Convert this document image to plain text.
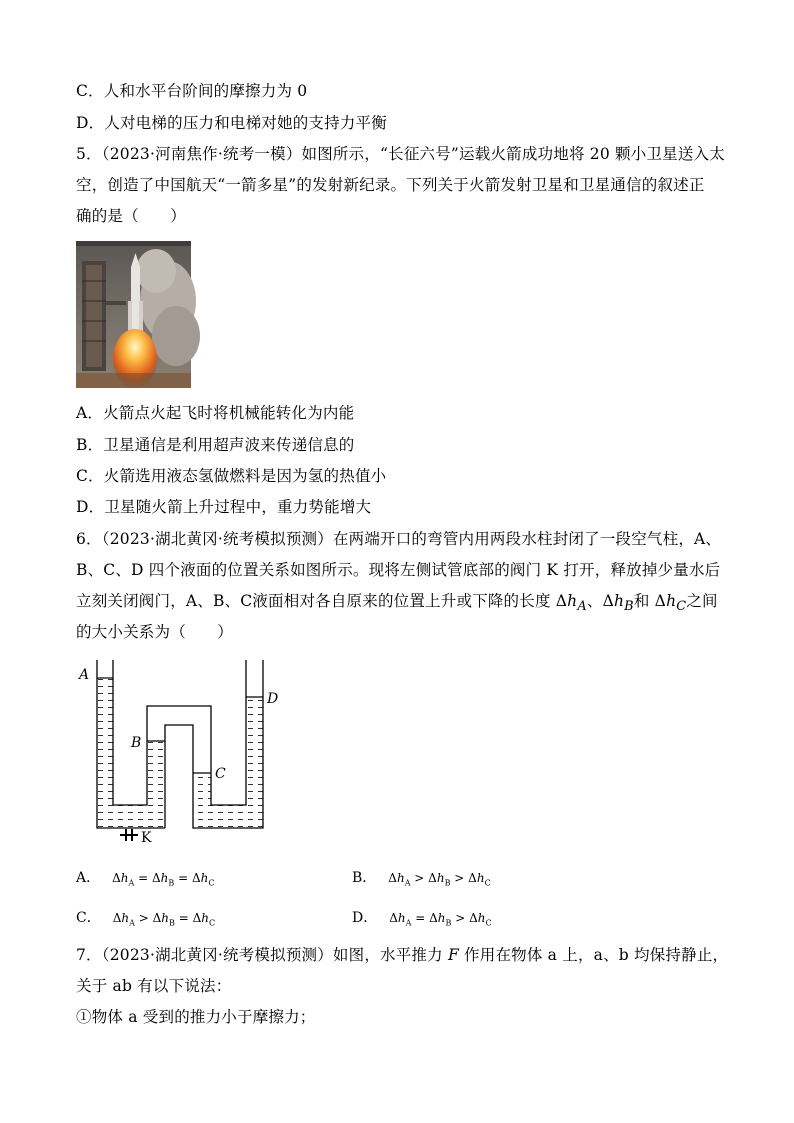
C．人和水平台阶间的摩擦力为 0
D．人对电梯的压力和电梯对她的支持力平衡
5．（2023·河南焦作·统考一模）如图所示，“长征六号”运载火箭成功地将 20 颗小卫星送入太
空，创造了中国航天“一箭多星”的发射新纪录。下列关于火箭发射卫星和卫星通信的叙述正
确的是（　　）
A．火箭点火起飞时将机械能转化为内能
B．卫星通信是利用超声波来传递信息的
C．火箭选用液态氢做燃料是因为氢的热值小
D．卫星随火箭上升过程中，重力势能增大
6．（2023·湖北黄冈·统考模拟预测）在两端开口的弯管内用两段水柱封闭了一段空气柱，A、
B、C、D 四个液面的位置关系如图所示。现将左侧试管底部的阀门 K 打开，释放掉少量水后
立刻关闭阀门，A、B、C液面相对各自原来的位置上升或下降的长度 $\Delta h_A$、$\Delta h_B$和 $\Delta h_C$之间
的大小关系为（　　）
A
B
C
D
K
A． $\Delta h_A = \Delta h_B = \Delta h_C$	B． $\Delta h_A > \Delta h_B > \Delta h_C$
C． $\Delta h_A > \Delta h_B = \Delta h_C$	D． $\Delta h_A = \Delta h_B > \Delta h_C$
7．（2023·湖北黄冈·统考模拟预测）如图，水平推力 F 作用在物体 a 上，a、b 均保持静止，
关于 ab 有以下说法：
①物体 a 受到的推力小于摩擦力；
